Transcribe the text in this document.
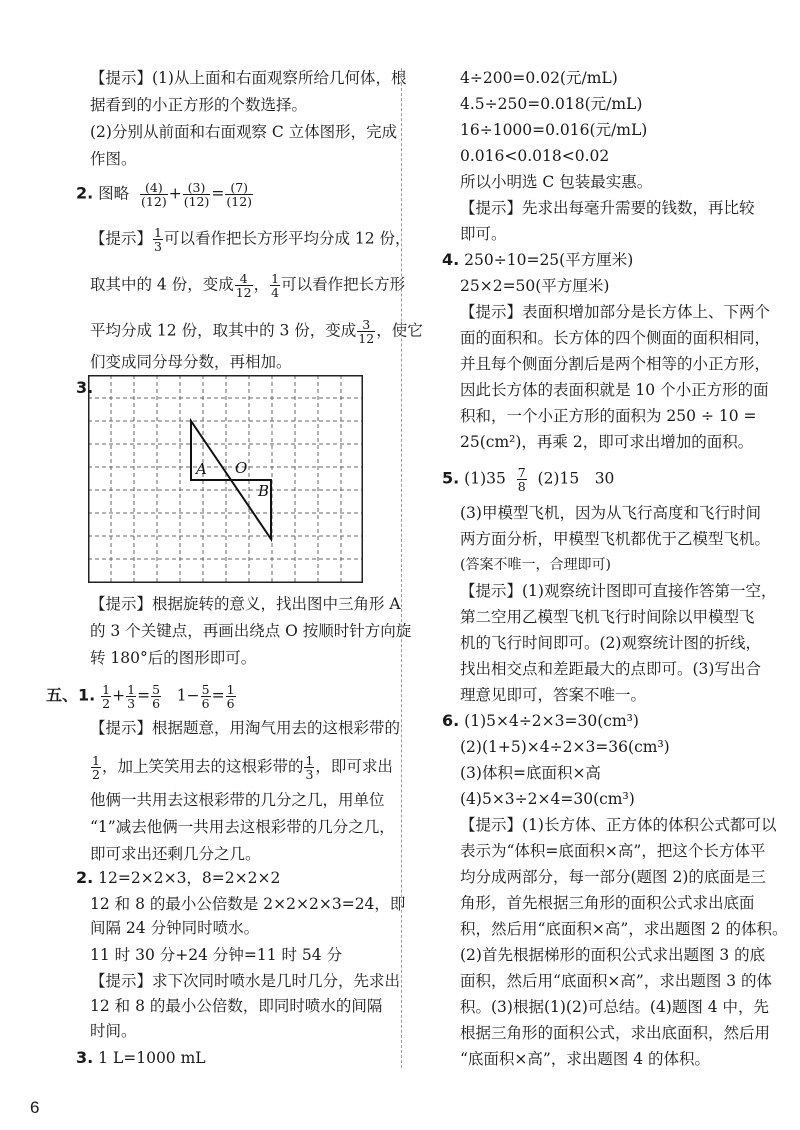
【提示】(1)从上面和右面观察所给几何体，根
据看到的小正方形的个数选择。
(2)分别从前面和右面观察 C 立体图形，完成
作图。
2. 图略 $\frac{(4)}{(12)} + \frac{(3)}{(12)} = \frac{(7)}{(12)}$
【提示】 $\frac{1}{3}$ 可以看作把长方形平均分成 12 份，
取其中的 4 份，变成 $\frac{4}{12}$ ， $\frac{1}{4}$ 可以看作把长方形
平均分成 12 份，取其中的 3 份，变成 $\frac{3}{12}$ ，使它
们变成同分母分数，再相加。
3.
A O
B
【提示】根据旋转的意义，找出图中三角形 A
的 3 个关键点，再画出绕点 O 按顺时针方向旋
转 180°后的图形即可。
五、1. $\frac{1}{2} + \frac{1}{3} = \frac{5}{6} 1- \frac{5}{6} = \frac{1}{6}$
【提示】根据题意，用淘气用去的这根彩带的
$\frac{1}{2}$ ，加上笑笑用去的这根彩带的 $\frac{1}{3}$ ，即可求出
他俩一共用去这根彩带的几分之几，用单位
“1”减去他俩一共用去这根彩带的几分之几，
即可求出还剩几分之几。
2. 12=2×2×3，8=2×2×2
12 和 8 的最小公倍数是 2×2×2×3=24，即
间隔 24 分钟同时喷水。
11 时 30 分+24 分钟=11 时 54 分
【提示】求下次同时喷水是几时几分，先求出
12 和 8 的最小公倍数，即同时喷水的间隔
时间。
3. 1 L=1000 mL
4÷200=0.02(元/mL)
4.5÷250=0.018(元/mL)
16÷1000=0.016(元/mL)
0.016<0.018<0.02
所以小明选 C 包装最实惠。
【提示】先求出每毫升需要的钱数，再比较
即可。
4. 250÷10=25(平方厘米)
25×2=50(平方厘米)
【提示】表面积增加部分是长方体上、下两个
面的面积和。长方体的四个侧面的面积相同，
并且每个侧面分割后是两个相等的小正方形，
因此长方体的表面积就是 10 个小正方形的面
积和，一个小正方形的面积为 250 ÷ 10 =
25(cm²)，再乘 2，即可求出增加的面积。
5. $(1)35 \frac{7}{8} (2)15$　30
(3)甲模型飞机，因为从飞行高度和飞行时间
两方面分析，甲模型飞机都优于乙模型飞机。
(答案不唯一，合理即可)
【提示】(1)观察统计图即可直接作答第一空，
第二空用乙模型飞机飞行时间除以甲模型飞
机的飞行时间即可。(2)观察统计图的折线，
找出相交点和差距最大的点即可。(3)写出合
理意见即可，答案不唯一。
6. (1)5×4÷2×3=30(cm³)
(2)(1+5)×4÷2×3=36(cm³)
(3)体积=底面积×高
(4)5×3÷2×4=30(cm³)
【提示】(1)长方体、正方体的体积公式都可以
表示为“体积=底面积×高”，把这个长方体平
均分成两部分，每一部分(题图 2)的底面是三
角形，首先根据三角形的面积公式求出底面
积，然后用“底面积×高”，求出题图 2 的体积。
(2)首先根据梯形的面积公式求出题图 3 的底
面积，然后用“底面积×高”，求出题图 3 的体
积。(3)根据(1)(2)可总结。(4)题图 4 中，先
根据三角形的面积公式，求出底面积，然后用
“底面积×高”，求出题图 4 的体积。
6
